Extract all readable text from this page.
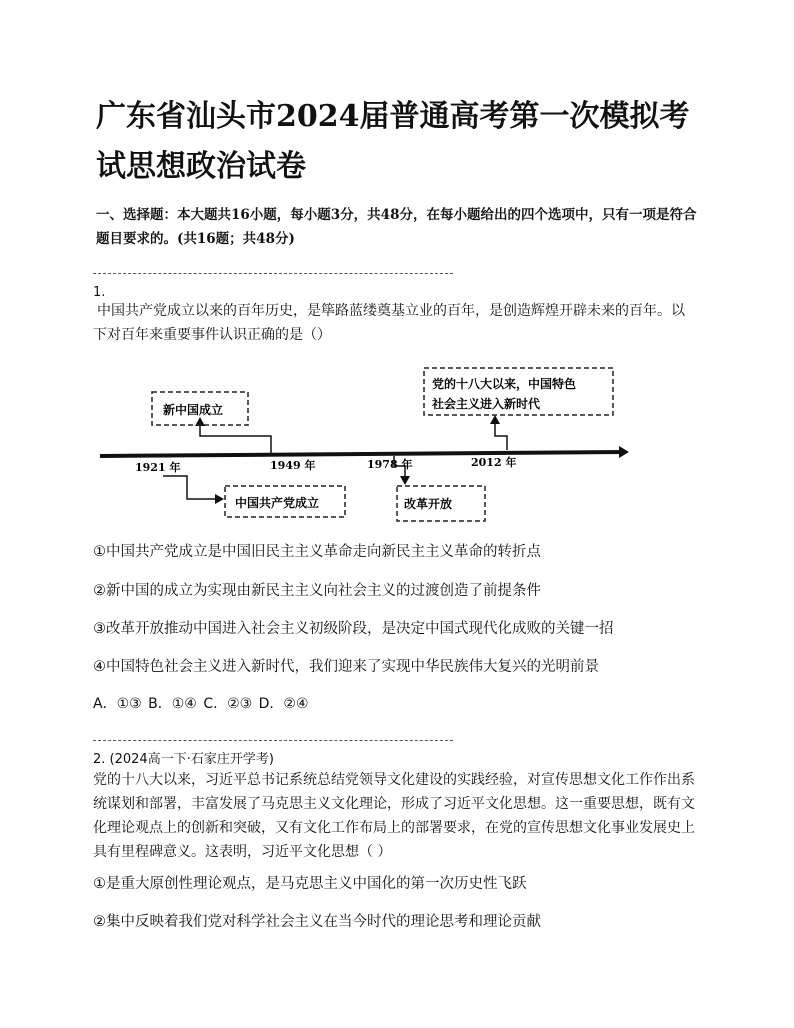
广东省汕头市2024届普通高考第一次模拟考试思想政治试卷

一、选择题：本大题共16小题，每小题3分，共48分，在每小题给出的四个选项中，只有一项是符合题目要求的。(共16题；共48分)

1.

中国共产党成立以来的百年历史，是筚路蓝缕奠基立业的百年，是创造辉煌开辟未来的百年。以下对百年来重要事件认识正确的是（）

新中国成立
中国共产党成立	改革开放
党的十八大以来，中国特色
社会主义进入新时代
1921 年	1949 年	1978 年	2012 年
①中国共产党成立是中国旧民主主义革命走向新民主主义革命的转折点
②新中国的成立为实现由新民主主义向社会主义的过渡创造了前提条件
③改革开放推动中国进入社会主义初级阶段，是决定中国式现代化成败的关键一招
④中国特色社会主义进入新时代，我们迎来了实现中华民族伟大复兴的光明前景
A．①③ B．①④ C．②③ D．②④
2. (2024高一下·石家庄开学考)

党的十八大以来，习近平总书记系统总结党领导文化建设的实践经验，对宣传思想文化工作作出系统谋划和部署，丰富发展了马克思主义文化理论，形成了习近平文化思想。这一重要思想，既有文化理论观点上的创新和突破，又有文化工作布局上的部署要求，在党的宣传思想文化事业发展史上具有里程碑意义。这表明，习近平文化思想（ ）

①是重大原创性理论观点，是马克思主义中国化的第一次历史性飞跃
②集中反映着我们党对科学社会主义在当今时代的理论思考和理论贡献
